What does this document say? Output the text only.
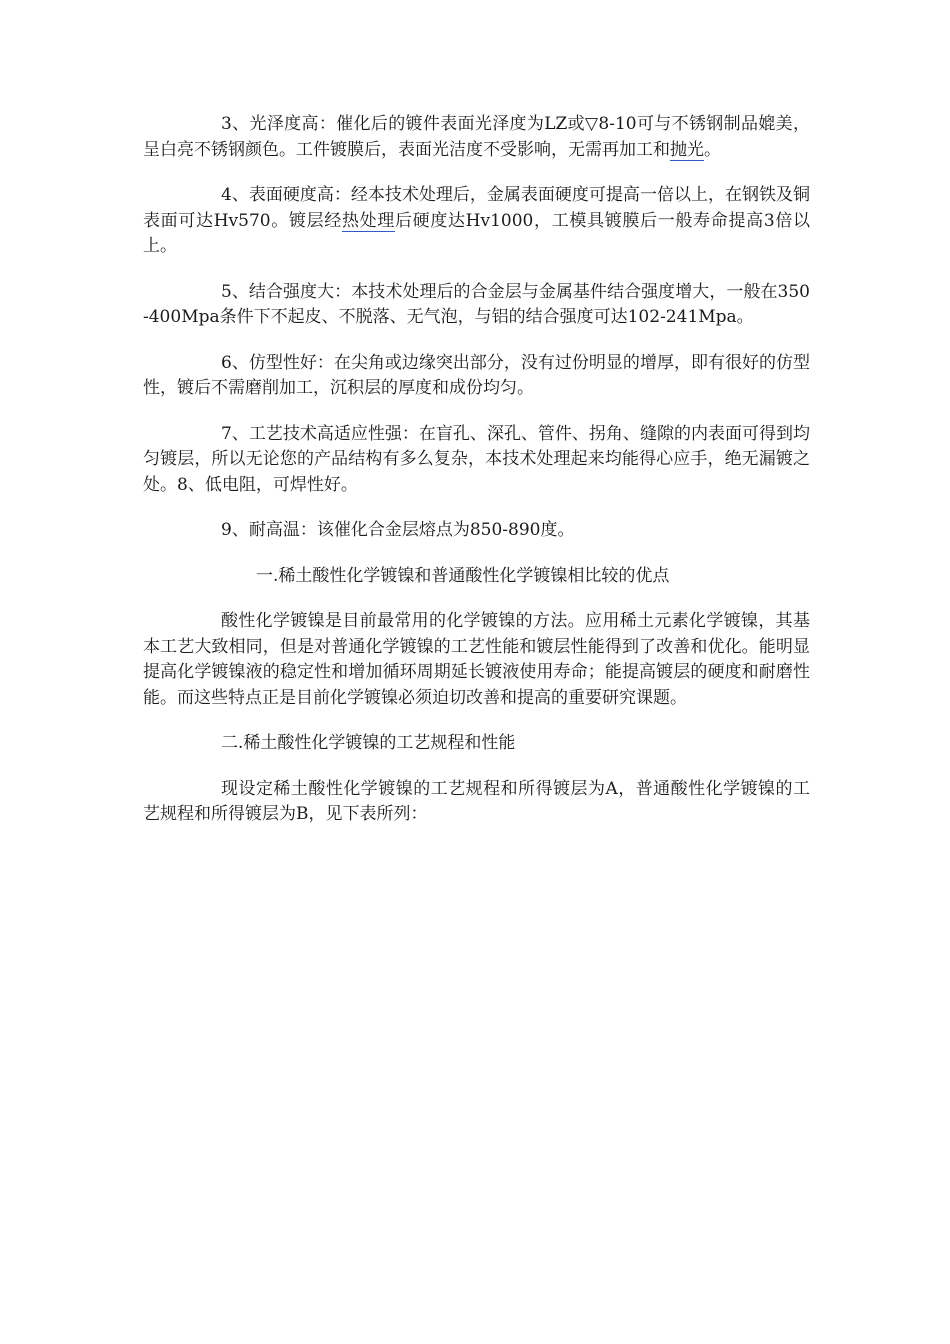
3、光泽度高：催化后的镀件表面光泽度为LZ或▽8-10可与不锈钢制品媲美，呈白亮不锈钢颜色。工件镀膜后，表面光洁度不受影响，无需再加工和抛光。

4、表面硬度高：经本技术处理后，金属表面硬度可提高一倍以上，在钢铁及铜表面可达Hv570。镀层经热处理后硬度达Hv1000，工模具镀膜后一般寿命提高3倍以上。

5、结合强度大：本技术处理后的合金层与金属基件结合强度增大，一般在350-400Mpa条件下不起皮、不脱落、无气泡，与铝的结合强度可达102-241Mpa。

6、仿型性好：在尖角或边缘突出部分，没有过份明显的增厚，即有很好的仿型性，镀后不需磨削加工，沉积层的厚度和成份均匀。

7、工艺技术高适应性强：在盲孔、深孔、管件、拐角、缝隙的内表面可得到均匀镀层，所以无论您的产品结构有多么复杂，本技术处理起来均能得心应手，绝无漏镀之处。8、低电阻，可焊性好。

9、耐高温：该催化合金层熔点为850-890度。

一.稀土酸性化学镀镍和普通酸性化学镀镍相比较的优点

酸性化学镀镍是目前最常用的化学镀镍的方法。应用稀土元素化学镀镍，其基本工艺大致相同，但是对普通化学镀镍的工艺性能和镀层性能得到了改善和优化。能明显提高化学镀镍液的稳定性和增加循环周期延长镀液使用寿命；能提高镀层的硬度和耐磨性能。而这些特点正是目前化学镀镍必须迫切改善和提高的重要研究课题。

二.稀土酸性化学镀镍的工艺规程和性能

现设定稀土酸性化学镀镍的工艺规程和所得镀层为A，普通酸性化学镀镍的工艺规程和所得镀层为B，见下表所列：
